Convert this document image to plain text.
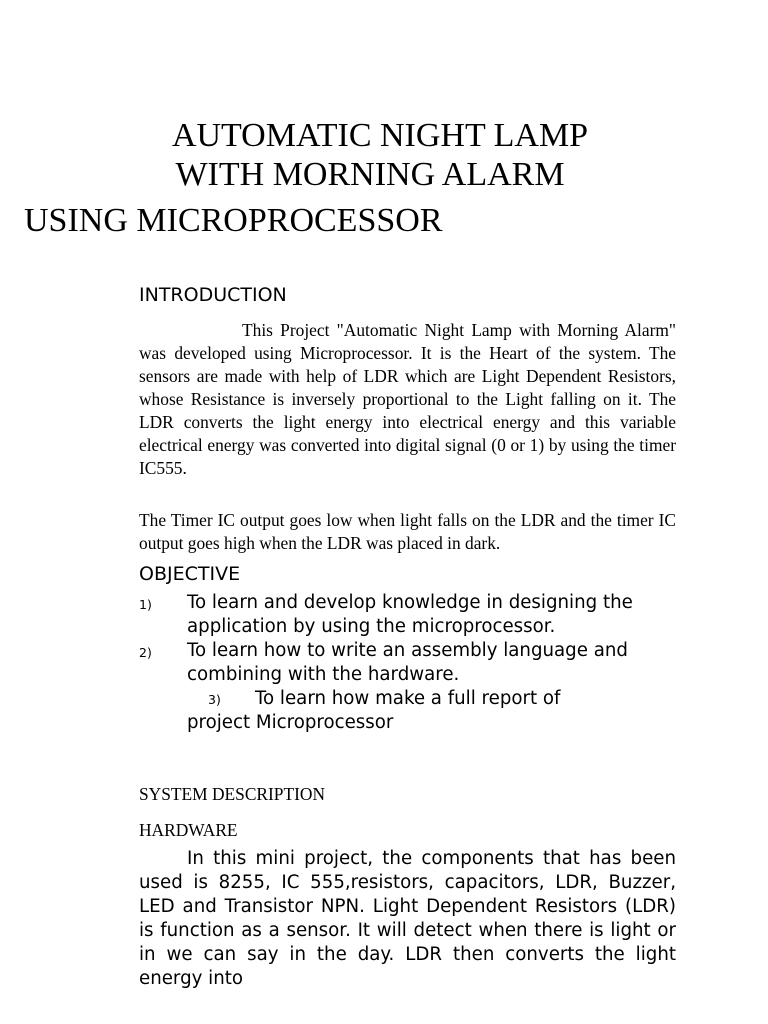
AUTOMATIC NIGHT LAMP
WITH MORNING ALARM
USING MICROPROCESSOR
INTRODUCTION
This Project "Automatic Night Lamp with Morning Alarm" was developed using Microprocessor. It is the Heart of the system. The sensors are made with help of LDR which are Light Dependent Resistors, whose Resistance is inversely proportional to the Light falling on it. The LDR converts the light energy into electrical energy and this variable electrical energy was converted into digital signal (0 or 1) by using the timer IC555.
The Timer IC output goes low when light falls on the LDR and the timer IC output goes high when the LDR was placed in dark.
OBJECTIVE
1) To learn and develop knowledge in designing the application by using the microprocessor.
2) To learn how to write an assembly language and combining with the hardware.
3) To learn how make a full report of
project Microprocessor
SYSTEM DESCRIPTION
HARDWARE
In this mini project, the components that has been used is 8255, IC 555,resistors, capacitors, LDR, Buzzer, LED and Transistor NPN. Light Dependent Resistors (LDR) is function as a sensor. It will detect when there is light or in we can say in the day. LDR then converts the light energy into
